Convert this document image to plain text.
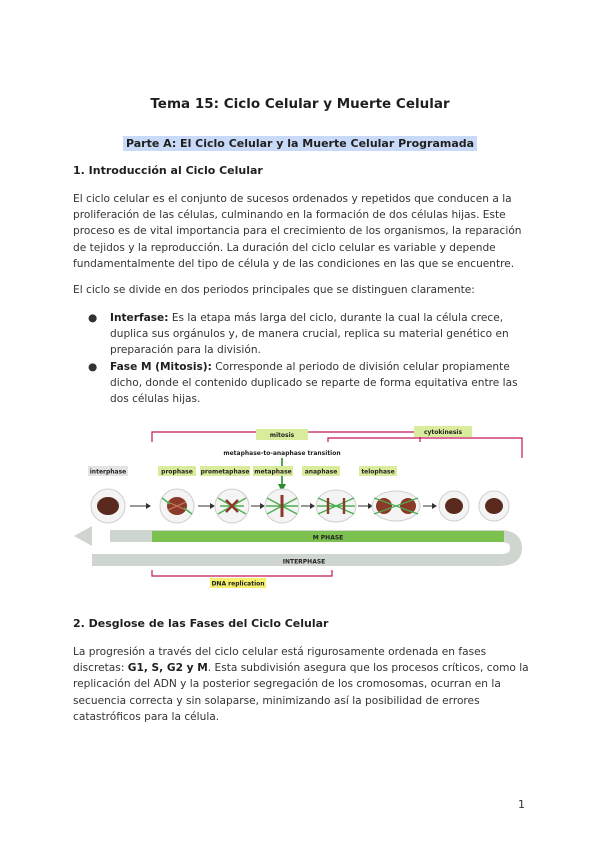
Tema 15: Ciclo Celular y Muerte Celular
Parte A: El Ciclo Celular y la Muerte Celular Programada
1. Introducción al Ciclo Celular
El ciclo celular es el conjunto de sucesos ordenados y repetidos que conducen a la proliferación de las células, culminando en la formación de dos células hijas. Este proceso es de vital importancia para el crecimiento de los organismos, la reparación de tejidos y la reproducción. La duración del ciclo celular es variable y depende fundamentalmente del tipo de célula y de las condiciones en las que se encuentre.
El ciclo se divide en dos periodos principales que se distinguen claramente:
● Interfase: Es la etapa más larga del ciclo, durante la cual la célula crece, duplica sus orgánulos y, de manera crucial, replica su material genético en preparación para la división.
● Fase M (Mitosis): Corresponde al periodo de división celular propiamente dicho, donde el contenido duplicado se reparte de forma equitativa entre las dos células hijas.
mitosis	cytokinesis
metaphase-to-anaphase transition
interphase	prophase prometaphase metaphase anaphase	telophase
M PHASE
INTERPHASE
DNA replication
2. Desglose de las Fases del Ciclo Celular
La progresión a través del ciclo celular está rigurosamente ordenada en fases discretas: G1, S, G2 y M. Esta subdivisión asegura que los procesos críticos, como la replicación del ADN y la posterior segregación de los cromosomas, ocurran en la secuencia correcta y sin solaparse, minimizando así la posibilidad de errores catastróficos para la célula.
1
